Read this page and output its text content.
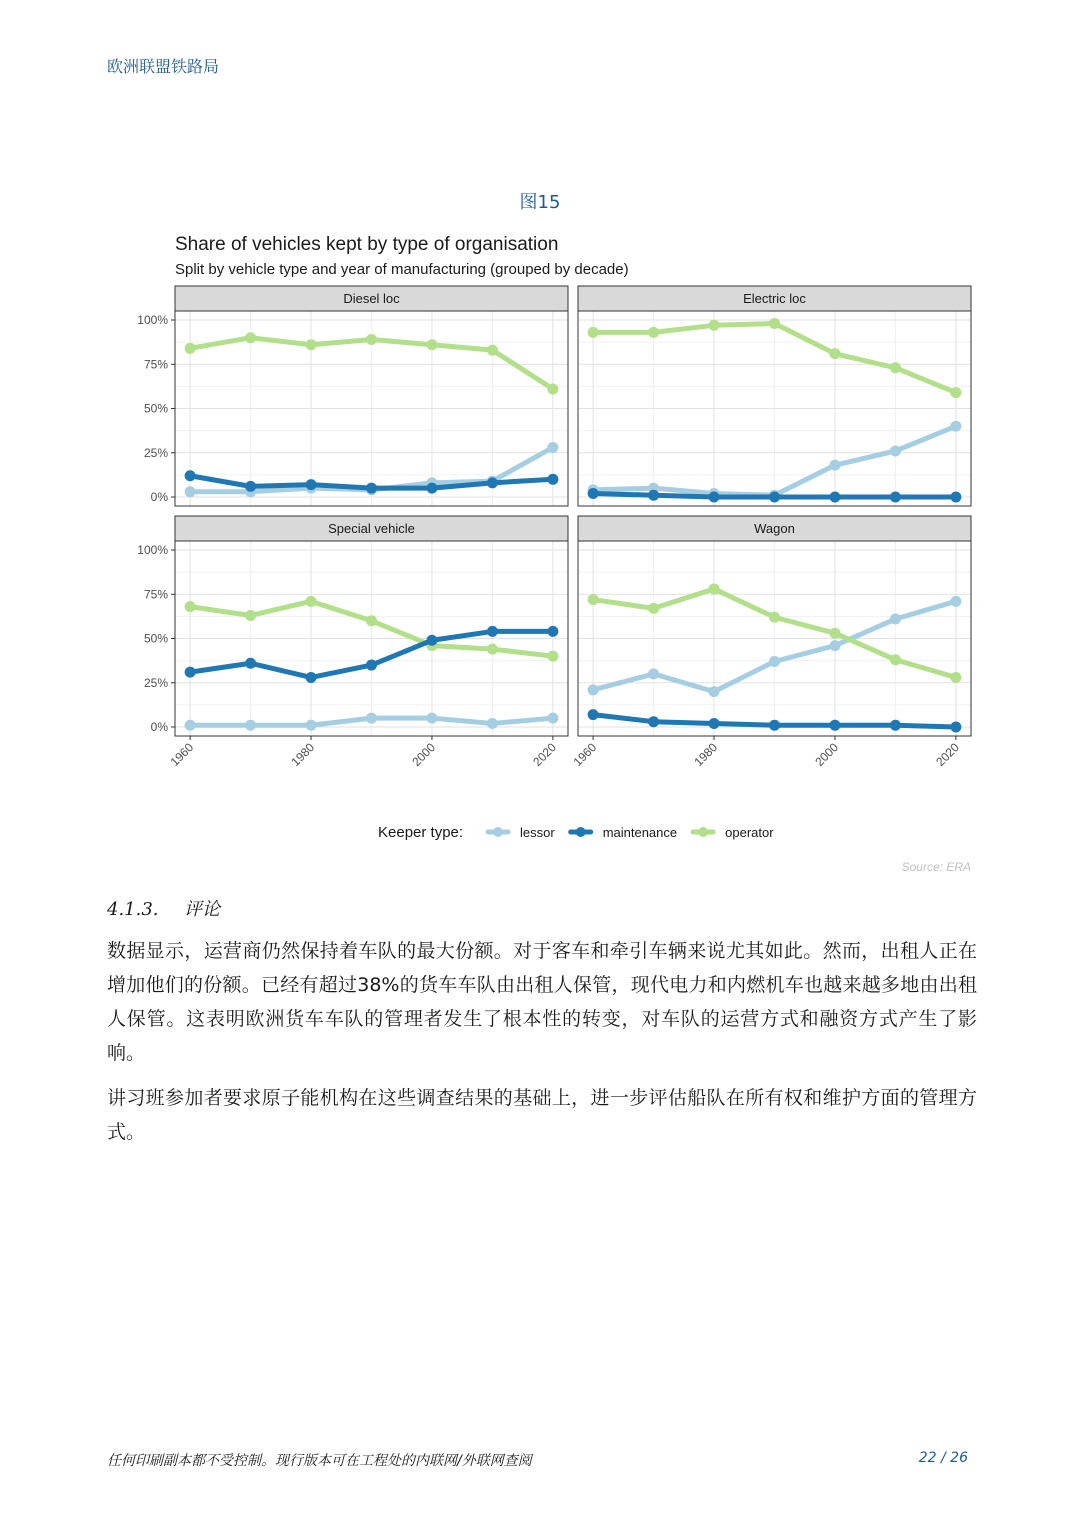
欧洲联盟铁路局
图15
Share of vehicles kept by type of organisation
Split by vehicle type and year of manufacturing (grouped by decade)
Diesel loc
0%
25%
50%
75%
100%
Electric loc
Special vehicle
0%
25%
50%
75%
100%
1960	1980	2000	2020
Wagon
1960	1980	2000	2020
Keeper type:	lessor	maintenance	operator
Source: ERA
4.1.3. 评论

数据显示，运营商仍然保持着车队的最大份额。对于客车和牵引车辆来说尤其如此。然而，出租人正在增加他们的份额。已经有超过38%的货车车队由出租人保管，现代电力和内燃机车也越来越多地由出租人保管。这表明欧洲货车车队的管理者发生了根本性的转变，对车队的运营方式和融资方式产生了影响。

讲习班参加者要求原子能机构在这些调查结果的基础上，进一步评估船队在所有权和维护方面的管理方式。

任何印刷副本都不受控制。现行版本可在工程处的内联网/外联网查阅	22 / 26
